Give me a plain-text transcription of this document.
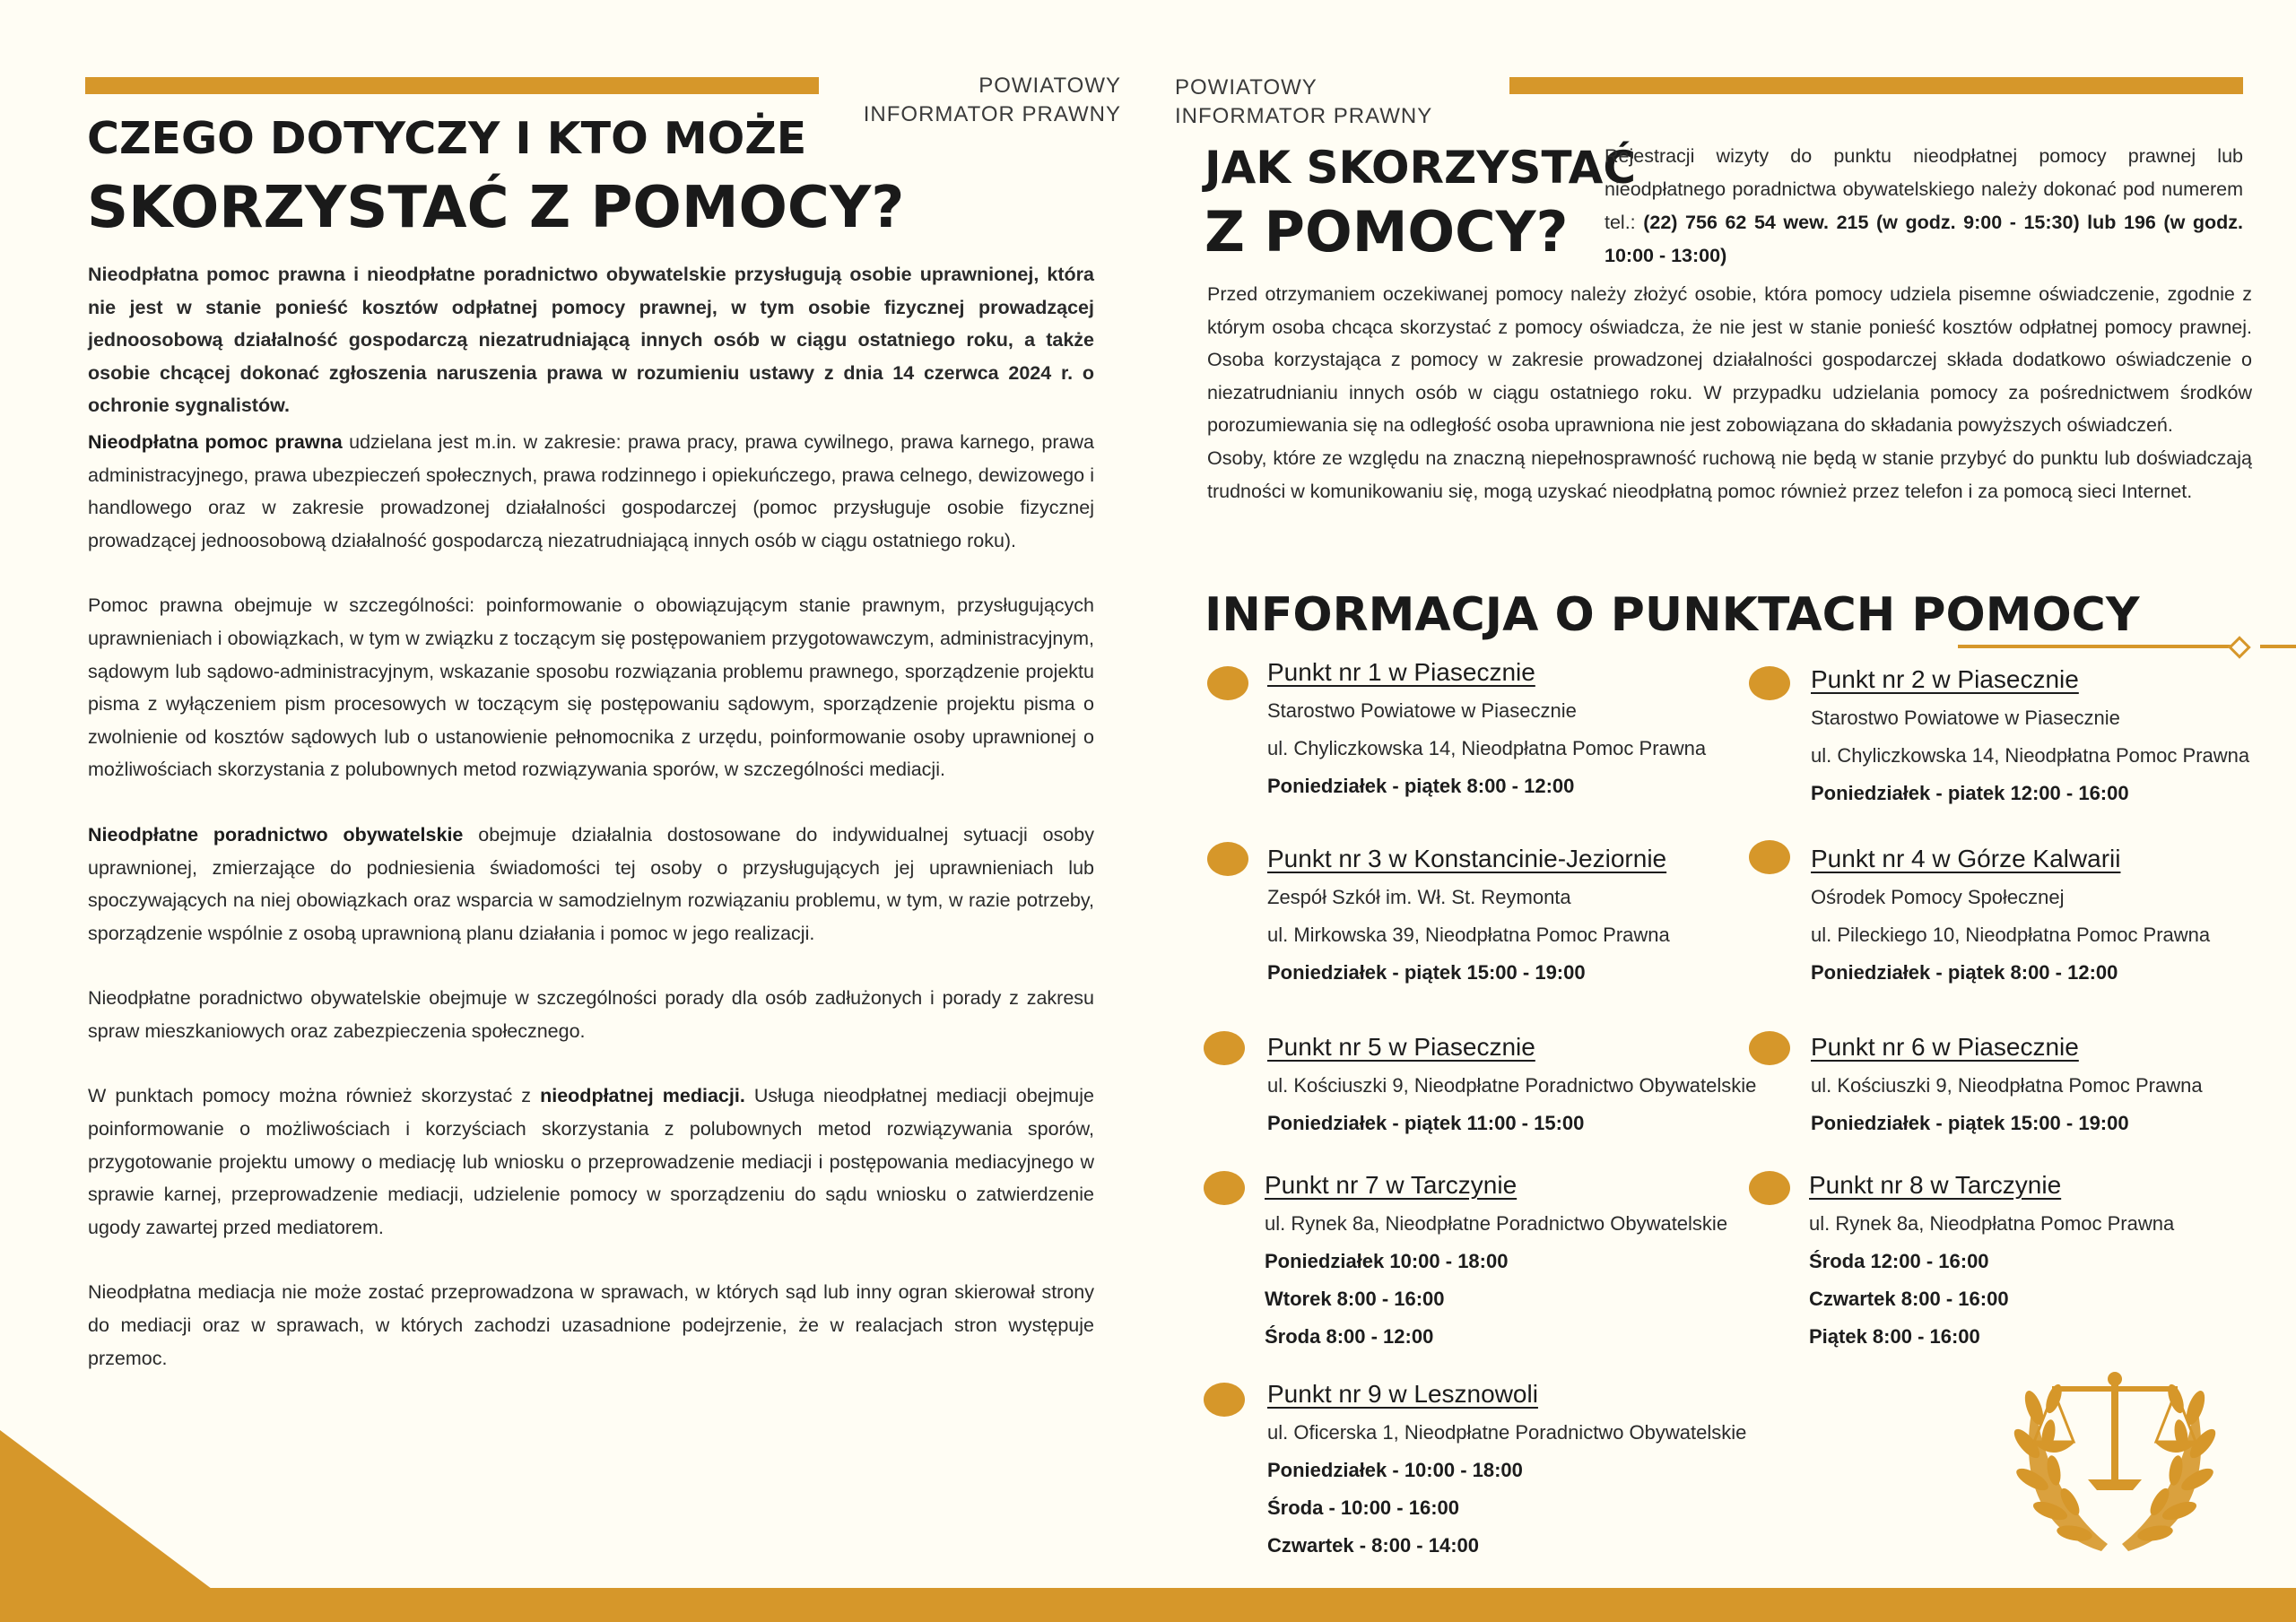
POWIATOWY INFORMATOR PRAWNY
POWIATOWY INFORMATOR PRAWNY
CZEGO DOTYCZY I KTO MOŻE
SKORZYSTAĆ Z POMOCY?

Nieodpłatna pomoc prawna i nieodpłatne poradnictwo obywatelskie przysługują osobie uprawnionej, która nie jest w stanie ponieść kosztów odpłatnej pomocy prawnej, w tym osobie fizycznej prowadzącej jednoosobową działalność gospodarczą niezatrudniającą innych osób w ciągu ostatniego roku, a także osobie chcącej dokonać zgłoszenia naruszenia prawa w rozumieniu ustawy z dnia 14 czerwca 2024 r. o ochronie sygnalistów.

Nieodpłatna pomoc prawna udzielana jest m.in. w zakresie: prawa pracy, prawa cywilnego, prawa karnego, prawa administracyjnego, prawa ubezpieczeń społecznych, prawa rodzinnego i opiekuńczego, prawa celnego, dewizowego i handlowego oraz w zakresie prowadzonej działalności gospodarczej (pomoc przysługuje osobie fizycznej prowadzącej jednoosobową działalność gospodarczą niezatrudniającą innych osób w ciągu ostatniego roku).

Pomoc prawna obejmuje w szczególności: poinformowanie o obowiązującym stanie prawnym, przysługujących uprawnieniach i obowiązkach, w tym w związku z toczącym się postępowaniem przygotowawczym, administracyjnym, sądowym lub sądowo-administracyjnym, wskazanie sposobu rozwiązania problemu prawnego, sporządzenie projektu pisma z wyłączeniem pism procesowych w toczącym się postępowaniu sądowym, sporządzenie projektu pisma o zwolnienie od kosztów sądowych lub o ustanowienie pełnomocnika z urzędu, poinformowanie osoby uprawnionej o możliwościach skorzystania z polubownych metod rozwiązywania sporów, w szczególności mediacji.

Nieodpłatne poradnictwo obywatelskie obejmuje działalnia dostosowane do indywidualnej sytuacji osoby uprawnionej, zmierzające do podniesienia świadomości tej osoby o przysługujących jej uprawnieniach lub spoczywających na niej obowiązkach oraz wsparcia w samodzielnym rozwiązaniu problemu, w tym, w razie potrzeby, sporządzenie wspólnie z osobą uprawnioną planu działania i pomoc w jego realizacji.

Nieodpłatne poradnictwo obywatelskie obejmuje w szczególności porady dla osób zadłużonych i porady z zakresu spraw mieszkaniowych oraz zabezpieczenia społecznego.

W punktach pomocy można również skorzystać z nieodpłatnej mediacji. Usługa nieodpłatnej mediacji obejmuje poinformowanie o możliwościach i korzyściach skorzystania z polubownych metod rozwiązywania sporów, przygotowanie projektu umowy o mediację lub wniosku o przeprowadzenie mediacji i postępowania mediacyjnego w sprawie karnej, przeprowadzenie mediacji, udzielenie pomocy w sporządzeniu do sądu wniosku o zatwierdzenie ugody zawartej przed mediatorem.

Nieodpłatna mediacja nie może zostać przeprowadzona w sprawach, w których sąd lub inny ogran skierował strony do mediacji oraz w sprawach, w których zachodzi uzasadnione podejrzenie, że w realacjach stron występuje przemoc.

JAK SKORZYSTAĆ
Z POMOCY?
Rejestracji wizyty do punktu nieodpłatnej pomocy prawnej lub nieodpłatnego poradnictwa obywatelskiego należy dokonać pod numerem tel.: (22) 756 62 54 wew. 215 (w godz. 9:00 - 15:30) lub 196 (w godz. 10:00 - 13:00)

Przed otrzymaniem oczekiwanej pomocy należy złożyć osobie, która pomocy udziela pisemne oświadczenie, zgodnie z którym osoba chcąca skorzystać z pomocy oświadcza, że nie jest w stanie ponieść kosztów odpłatnej pomocy prawnej. Osoba korzystająca z pomocy w zakresie prowadzonej działalności gospodarczej składa dodatkowo oświadczenie o niezatrudnianiu innych osób w ciągu ostatniego roku. W przypadku udzielania pomocy za pośrednictwem środków porozumiewania się na odległość osoba uprawniona nie jest zobowiązana do składania powyższych oświadczeń.

Osoby, które ze względu na znaczną niepełnosprawność ruchową nie będą w stanie przybyć do punktu lub doświadczają trudności w komunikowaniu się, mogą uzyskać nieodpłatną pomoc również przez telefon i za pomocą sieci Internet.

INFORMACJA O PUNKTACH POMOCY
Punkt nr 1 w Piasecznie
Starostwo Powiatowe w Piasecznie
ul. Chyliczkowska 14, Nieodpłatna Pomoc Prawna
Poniedziałek - piątek 8:00 - 12:00
Punkt nr 2 w Piasecznie
Starostwo Powiatowe w Piasecznie
ul. Chyliczkowska 14, Nieodpłatna Pomoc Prawna
Poniedziałek - piatek 12:00 - 16:00
Punkt nr 3 w Konstancinie-Jeziornie
Zespół Szkół im. Wł. St. Reymonta
ul. Mirkowska 39, Nieodpłatna Pomoc Prawna
Poniedziałek - piątek 15:00 - 19:00
Punkt nr 4 w Górze Kalwarii
Ośrodek Pomocy Społecznej
ul. Pileckiego 10, Nieodpłatna Pomoc Prawna
Poniedziałek - piątek 8:00 - 12:00
Punkt nr 5 w Piasecznie
ul. Kościuszki 9, Nieodpłatne Poradnictwo Obywatelskie
Poniedziałek - piątek 11:00 - 15:00
Punkt nr 6 w Piasecznie
ul. Kościuszki 9, Nieodpłatna Pomoc Prawna
Poniedziałek - piątek 15:00 - 19:00
Punkt nr 7 w Tarczynie
ul. Rynek 8a, Nieodpłatne Poradnictwo Obywatelskie
Poniedziałek 10:00 - 18:00
Wtorek 8:00 - 16:00
Środa 8:00 - 12:00
Punkt nr 8 w Tarczynie
ul. Rynek 8a, Nieodpłatna Pomoc Prawna
Środa 12:00 - 16:00
Czwartek 8:00 - 16:00
Piątek 8:00 - 16:00
Punkt nr 9 w Lesznowoli
ul. Oficerska 1, Nieodpłatne Poradnictwo Obywatelskie
Poniedziałek - 10:00 - 18:00
Środa - 10:00 - 16:00
Czwartek - 8:00 - 14:00
